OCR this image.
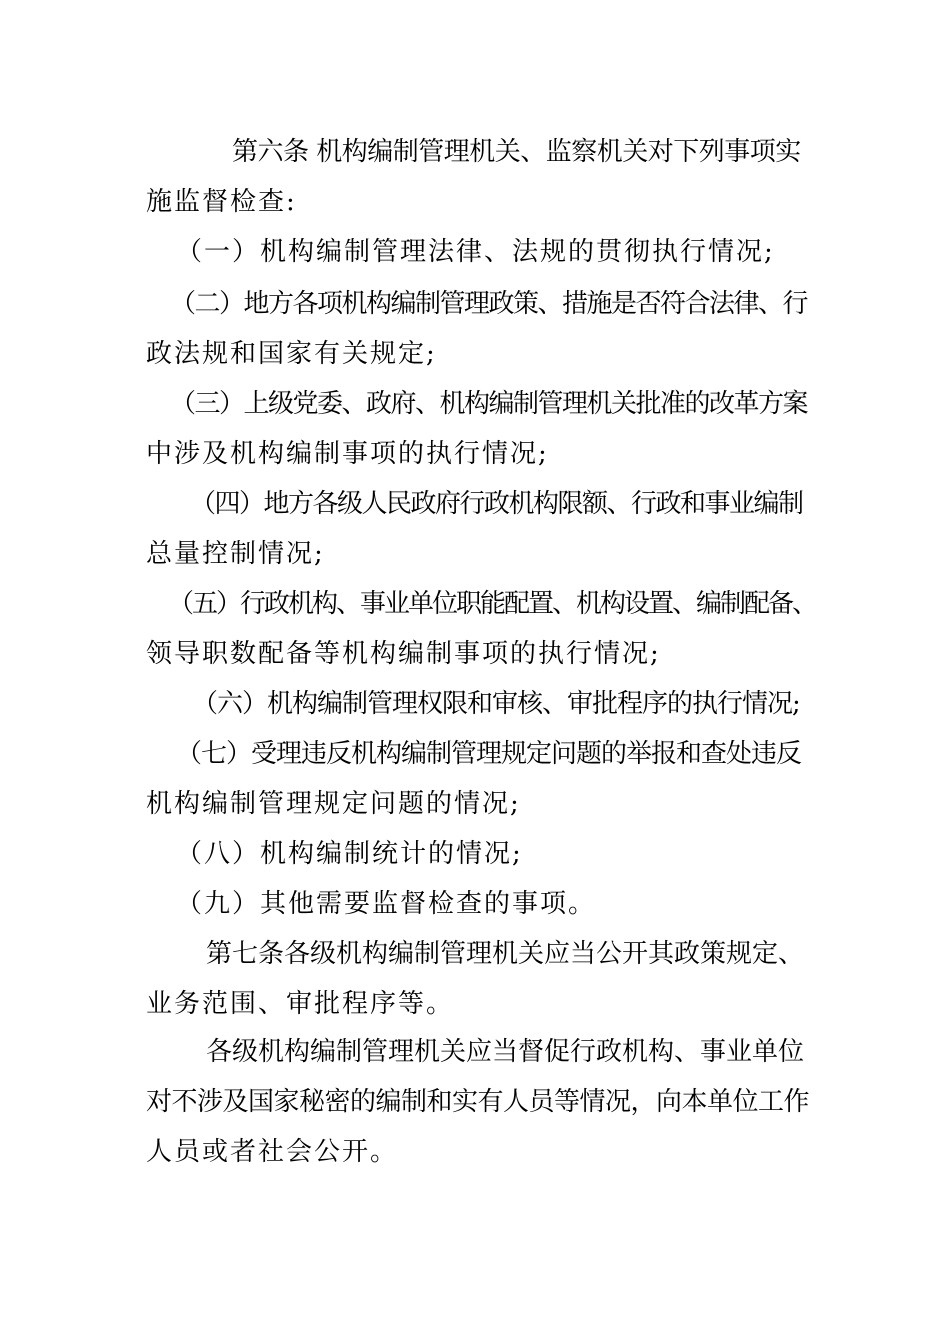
第六条 机构编制管理机关、监察机关对下列事项实
施监督检查:
（一）机构编制管理法律、法规的贯彻执行情况;
（二）地方各项机构编制管理政策、措施是否符合法律、行
政法规和国家有关规定;
（三）上级党委、政府、机构编制管理机关批准的改革方案
中涉及机构编制事项的执行情况;
（四）地方各级人民政府行政机构限额、行政和事业编制
总量控制情况;
（五）行政机构、事业单位职能配置、机构设置、编制配备、
领导职数配备等机构编制事项的执行情况;
（六）机构编制管理权限和审核、审批程序的执行情况;
（七）受理违反机构编制管理规定问题的举报和查处违反
机构编制管理规定问题的情况;
（八）机构编制统计的情况;
（九）其他需要监督检查的事项。
第七条各级机构编制管理机关应当公开其政策规定、
业务范围、审批程序等。
各级机构编制管理机关应当督促行政机构、事业单位
对不涉及国家秘密的编制和实有人员等情况，向本单位工作
人员或者社会公开。
